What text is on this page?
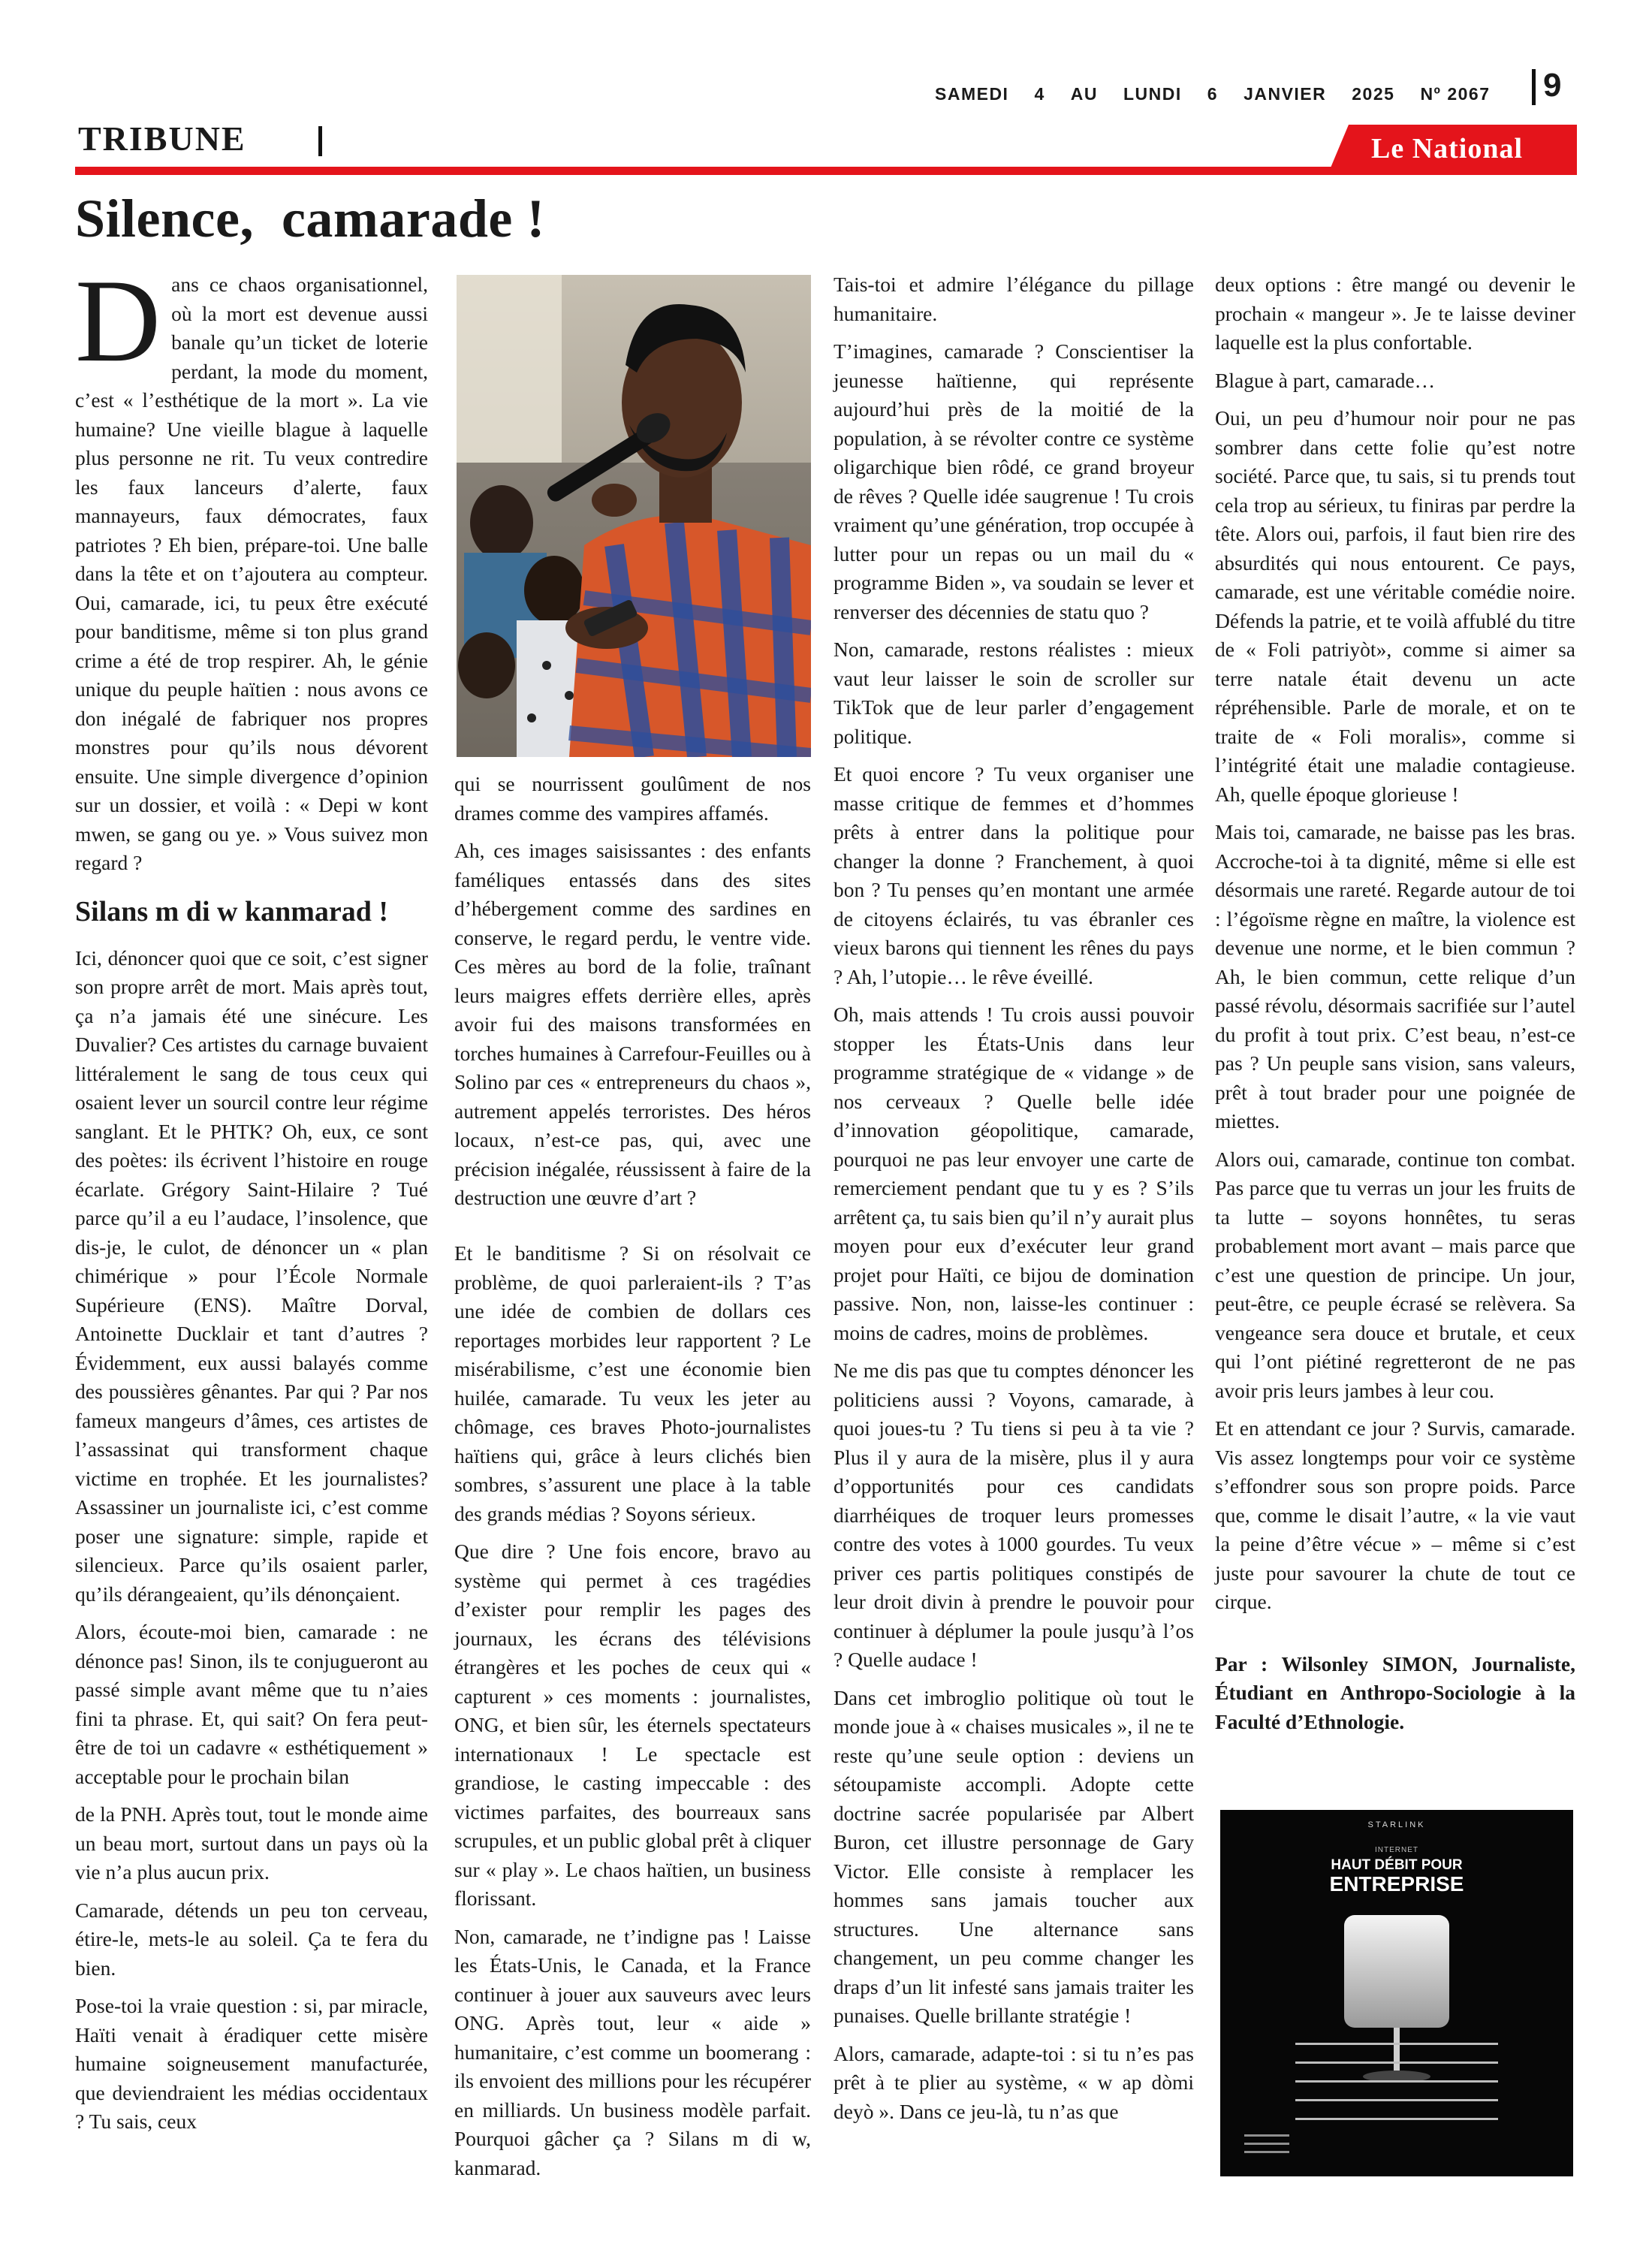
SAMEDI 4 AU LUNDI 6 JANVIER 2025 Nº 2067	9
TRIBUNE	Le National
Silence,  camarade !

Dans ce chaos organisationnel, où la mort est devenue aussi banale qu’un ticket de loterie perdant, la mode du moment, c’est « l’esthétique de la mort ». La vie humaine? Une vieille blague à laquelle plus personne ne rit. Tu veux contredire les faux lanceurs d’alerte, faux mannayeurs, faux démocrates, faux patriotes ? Eh bien, prépare-toi. Une balle dans la tête et on t’ajoutera au compteur. Oui, camarade, ici, tu peux être exécuté pour banditisme, même si ton plus grand crime a été de trop respirer. Ah, le génie unique du peuple haïtien : nous avons ce don inégalé de fabriquer nos propres monstres pour qu’ils nous dévorent ensuite. Une simple divergence d’opinion sur un dossier, et voilà : « Depi w kont mwen, se gang ou ye. » Vous suivez mon regard ?

Silans m di w kanmarad !

Ici, dénoncer quoi que ce soit, c’est signer son propre arrêt de mort. Mais après tout, ça n’a jamais été une sinécure. Les Duvalier? Ces artistes du carnage buvaient littéralement le sang de tous ceux qui osaient lever un sourcil contre leur régime sanglant. Et le PHTK? Oh, eux, ce sont des poètes: ils écrivent l’histoire en rouge écarlate. Grégory Saint-Hilaire ? Tué parce qu’il a eu l’audace, l’insolence, que dis-je, le culot, de dénoncer un « plan chimérique » pour l’École Normale Supérieure (ENS). Maître Dorval, Antoinette Ducklair et tant d’autres ? Évidemment, eux aussi balayés comme des poussières gênantes. Par qui ? Par nos fameux mangeurs d’âmes, ces artistes de l’assassinat qui transforment chaque victime en trophée. Et les journalistes? Assassiner un journaliste ici, c’est comme poser une signature: simple, rapide et silencieux. Parce qu’ils osaient parler, qu’ils dérangeaient, qu’ils dénonçaient.

Alors, écoute-moi bien, camarade : ne dénonce pas! Sinon, ils te conjugueront au passé simple avant même que tu n’aies fini ta phrase. Et, qui sait? On fera peut-être de toi un cadavre « esthétiquement » acceptable pour le prochain bilan

de la PNH. Après tout, tout le monde aime un beau mort, surtout dans un pays où la vie n’a plus aucun prix.

Camarade, détends un peu ton cerveau, étire-le, mets-le au soleil. Ça te fera du bien.

Pose-toi la vraie question : si, par miracle, Haïti venait à éradiquer cette misère humaine soigneusement manufacturée, que deviendraient les médias occidentaux ? Tu sais, ceux

qui se nourrissent goulûment de nos drames comme des vampires affamés.

Ah, ces images saisissantes : des enfants faméliques entassés dans des sites d’hébergement comme des sardines en conserve, le regard perdu, le ventre vide. Ces mères au bord de la folie, traînant leurs maigres effets derrière elles, après avoir fui des maisons transformées en torches humaines à Carrefour-Feuilles ou à Solino par ces « entrepreneurs du chaos », autrement appelés terroristes. Des héros locaux, n’est-ce pas, qui, avec une précision inégalée, réussissent à faire de la destruction une œuvre d’art ?

Et le banditisme ? Si on résolvait ce problème, de quoi parleraient-ils ? T’as une idée de combien de dollars ces reportages morbides leur rapportent ? Le misérabilisme, c’est une économie bien huilée, camarade. Tu veux les jeter au chômage, ces braves Photo-journalistes haïtiens qui, grâce à leurs clichés bien sombres, s’assurent une place à la table des grands médias ? Soyons sérieux.

Que dire ? Une fois encore, bravo au système qui permet à ces tragédies d’exister pour remplir les pages des journaux, les écrans des télévisions étrangères et les poches de ceux qui « capturent » ces moments : journalistes, ONG, et bien sûr, les éternels spectateurs internationaux ! Le spectacle est grandiose, le casting impeccable : des victimes parfaites, des bourreaux sans scrupules, et un public global prêt à cliquer sur « play ». Le chaos haïtien, un business florissant.

Non, camarade, ne t’indigne pas ! Laisse les États-Unis, le Canada, et la France continuer à jouer aux sauveurs avec leurs ONG. Après tout, leur « aide » humanitaire, c’est comme un boomerang : ils envoient des millions pour les récupérer en milliards. Un business modèle parfait. Pourquoi gâcher ça ? Silans m di w, kanmarad.

Tais-toi et admire l’élégance du pillage humanitaire.

T’imagines, camarade ? Conscientiser la jeunesse haïtienne, qui représente aujourd’hui près de la moitié de la population, à se révolter contre ce système oligarchique bien rôdé, ce grand broyeur de rêves ? Quelle idée saugrenue ! Tu crois vraiment qu’une génération, trop occupée à lutter pour un repas ou un mail du « programme Biden », va soudain se lever et renverser des décennies de statu quo ?

Non, camarade, restons réalistes : mieux vaut leur laisser le soin de scroller sur TikTok que de leur parler d’engagement politique.

Et quoi encore ? Tu veux organiser une masse critique de femmes et d’hommes prêts à entrer dans la politique pour changer la donne ? Franchement, à quoi bon ? Tu penses qu’en montant une armée de citoyens éclairés, tu vas ébranler ces vieux barons qui tiennent les rênes du pays ? Ah, l’utopie… le rêve éveillé.

Oh, mais attends ! Tu crois aussi pouvoir stopper les États-Unis dans leur programme stratégique de « vidange » de nos cerveaux ? Quelle belle idée d’innovation géopolitique, camarade, pourquoi ne pas leur envoyer une carte de remerciement pendant que tu y es ? S’ils arrêtent ça, tu sais bien qu’il n’y aurait plus moyen pour eux d’exécuter leur grand projet pour Haïti, ce bijou de domination passive. Non, non, laisse-les continuer : moins de cadres, moins de problèmes.

Ne me dis pas que tu comptes dénoncer les politiciens aussi ? Voyons, camarade, à quoi joues-tu ? Tu tiens si peu à ta vie ? Plus il y aura de la misère, plus il y aura d’opportunités pour ces candidats diarrhéiques de troquer leurs promesses contre des votes à 1000 gourdes. Tu veux priver ces partis politiques constipés de leur droit divin à prendre le pouvoir pour continuer à déplumer la poule jusqu’à l’os ? Quelle audace !

Dans cet imbroglio politique où tout le monde joue à « chaises musicales », il ne te reste qu’une seule option : deviens un sétoupamiste accompli. Adopte cette doctrine sacrée popularisée par Albert Buron, cet illustre personnage de Gary Victor. Elle consiste à remplacer les hommes sans jamais toucher aux structures. Une alternance sans changement, un peu comme changer les draps d’un lit infesté sans jamais traiter les punaises. Quelle brillante stratégie !

Alors, camarade, adapte-toi : si tu n’es pas prêt à te plier au système, « w ap dòmi deyò ». Dans ce jeu-là, tu n’as que

deux options : être mangé ou devenir le prochain « mangeur ». Je te laisse deviner laquelle est la plus confortable.

Blague à part, camarade…

Oui, un peu d’humour noir pour ne pas sombrer dans cette folie qu’est notre société. Parce que, tu sais, si tu prends tout cela trop au sérieux, tu finiras par perdre la tête. Alors oui, parfois, il faut bien rire des absurdités qui nous entourent. Ce pays, camarade, est une véritable comédie noire. Défends la patrie, et te voilà affublé du titre de « Foli patriyòt», comme si aimer sa terre natale était devenu un acte répréhensible. Parle de morale, et on te traite de « Foli moralis», comme si l’intégrité était une maladie contagieuse. Ah, quelle époque glorieuse !

Mais toi, camarade, ne baisse pas les bras. Accroche-toi à ta dignité, même si elle est désormais une rareté. Regarde autour de toi : l’égoïsme règne en maître, la violence est devenue une norme, et le bien commun ? Ah, le bien commun, cette relique d’un passé révolu, désormais sacrifiée sur l’autel du profit à tout prix. C’est beau, n’est-ce pas ? Un peuple sans vision, sans valeurs, prêt à tout brader pour une poignée de miettes.

Alors oui, camarade, continue ton combat. Pas parce que tu verras un jour les fruits de ta lutte – soyons honnêtes, tu seras probablement mort avant – mais parce que c’est une question de principe. Un jour, peut-être, ce peuple écrasé se relèvera. Sa vengeance sera douce et brutale, et ceux qui l’ont piétiné regretteront de ne pas avoir pris leurs jambes à leur cou.

Et en attendant ce jour ? Survis, camarade. Vis assez longtemps pour voir ce système s’effondrer sous son propre poids. Parce que, comme le disait l’autre, « la vie vaut la peine d’être vécue » – même si c’est juste pour savourer la chute de tout ce cirque.

Par : Wilsonley SIMON, Journaliste, Étudiant en Anthropo-Sociologie à la Faculté d’Ethnologie.

STARLINK
INTERNET
HAUT DÉBIT POUR
ENTREPRISE
